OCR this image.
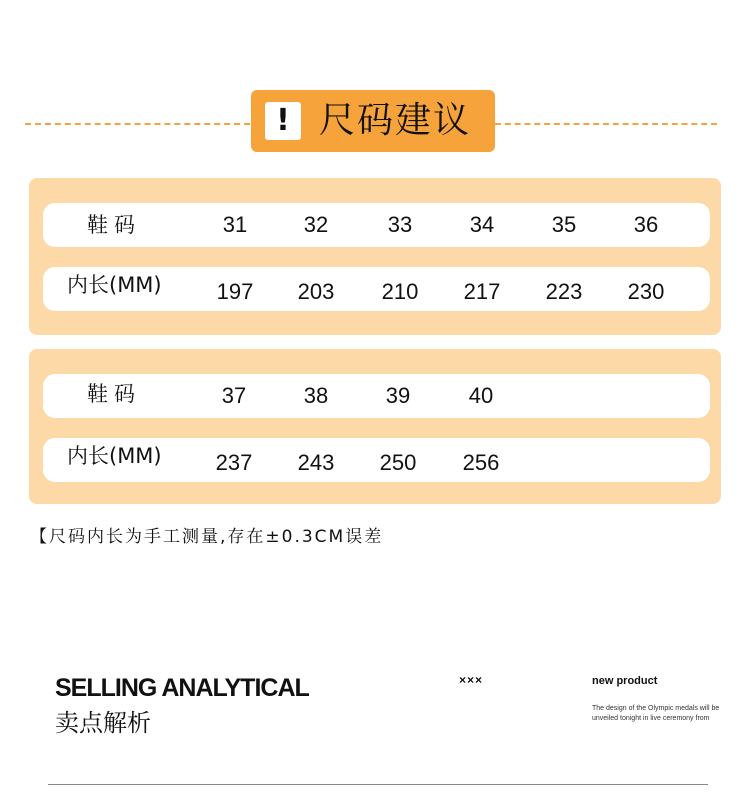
! 尺码建议
鞋码	31	32	33	34	35	36
内长(MM)	197	203	210	217	223	230
鞋码	37	38	39	40
内长(MM)	237	243	250	256
【尺码内长为手工测量,存在±0.3CM误差
SELLING ANALYTICAL
卖点解析
×××	new product
The design of the Olympic medals will be unveiled tonight in live ceremony from
